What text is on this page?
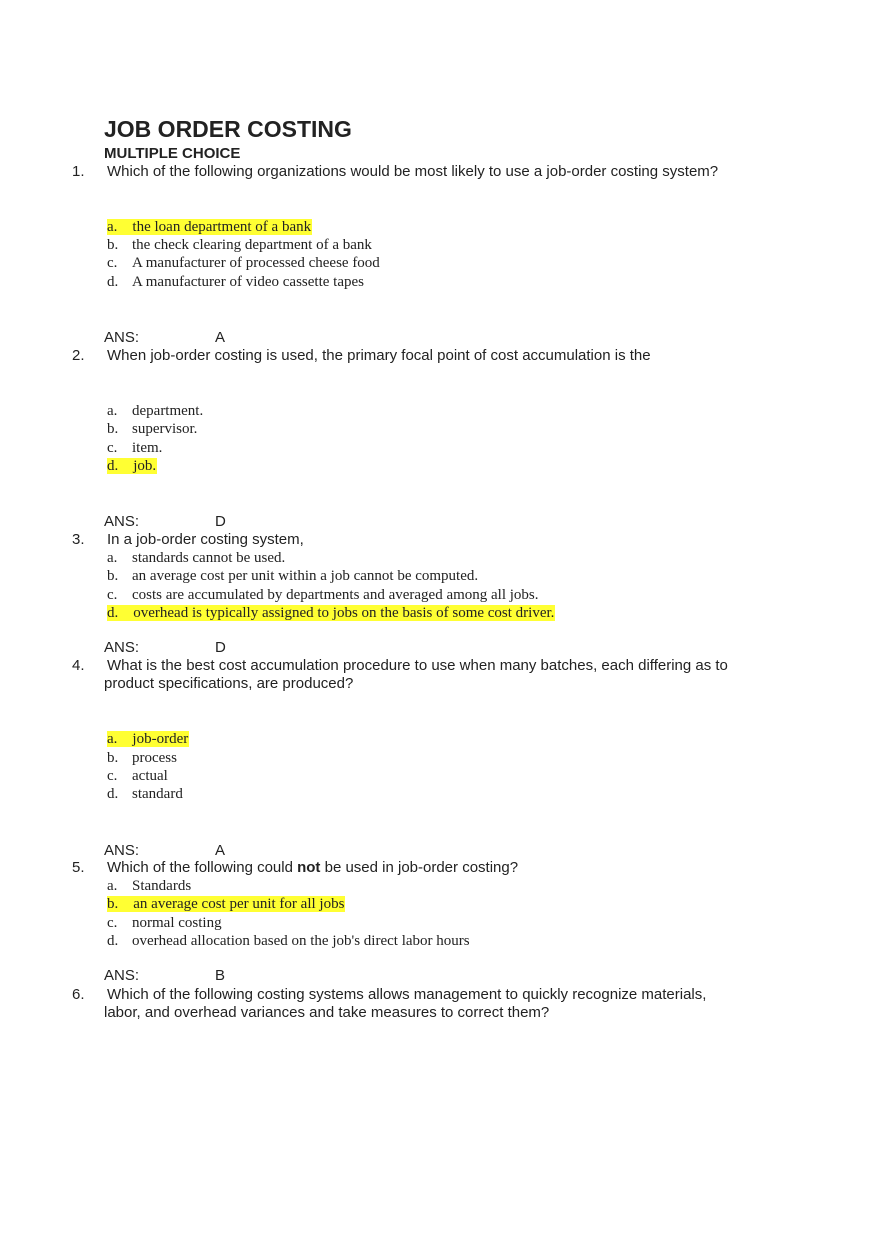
JOB ORDER COSTING
MULTIPLE CHOICE
1. Which of the following organizations would be most likely to use a job-order costing system?
a. the loan department of a bank
b. the check clearing department of a bank
c. A manufacturer of processed cheese food
d. A manufacturer of video cassette tapes
ANS:	A
2. When job-order costing is used, the primary focal point of cost accumulation is the
a. department.
b. supervisor.
c. item.
d. job.
ANS:	D
3. In a job-order costing system,
a. standards cannot be used.
b. an average cost per unit within a job cannot be computed.
c. costs are accumulated by departments and averaged among all jobs.
d. overhead is typically assigned to jobs on the basis of some cost driver.
ANS:	D
4. What is the best cost accumulation procedure to use when many batches, each differing as to
product specifications, are produced?
a. job-order
b. process
c. actual
d. standard
ANS:	A
5. Which of the following could not be used in job-order costing?
a. Standards
b. an average cost per unit for all jobs
c. normal costing
d. overhead allocation based on the job's direct labor hours
ANS:	B
6. Which of the following costing systems allows management to quickly recognize materials,
labor, and overhead variances and take measures to correct them?
